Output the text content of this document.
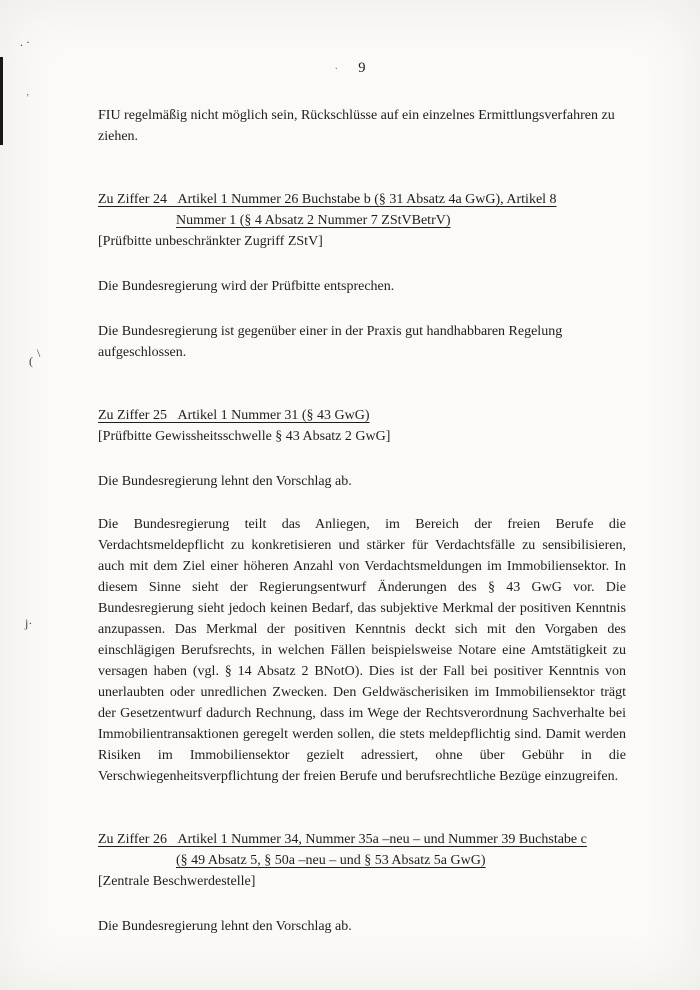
. ·
’
\
(
j·
.	9

FIU regelmäßig nicht möglich sein, Rückschlüsse auf ein einzelnes Ermittlungsverfahren zu ziehen.

Zu Ziffer 24 Artikel 1 Nummer 26 Buchstabe b (§ 31 Absatz 4a GwG), Artikel 8
Nummer 1 (§ 4 Absatz 2 Nummer 7 ZStVBetrV)

[Prüfbitte unbeschränkter Zugriff ZStV]

Die Bundesregierung wird der Prüfbitte entsprechen.

Die Bundesregierung ist gegenüber einer in der Praxis gut handhabbaren Regelung aufgeschlossen.

Zu Ziffer 25 Artikel 1 Nummer 31 (§ 43 GwG)

[Prüfbitte Gewissheitsschwelle § 43 Absatz 2 GwG]

Die Bundesregierung lehnt den Vorschlag ab.

Die Bundesregierung teilt das Anliegen, im Bereich der freien Berufe die Verdachtsmeldepflicht zu konkretisieren und stärker für Verdachtsfälle zu sensibilisieren, auch mit dem Ziel einer höheren Anzahl von Verdachtsmeldungen im Immobiliensektor. In diesem Sinne sieht der Regierungsentwurf Änderungen des § 43 GwG vor. Die Bundesregierung sieht jedoch keinen Bedarf, das subjektive Merkmal der positiven Kenntnis anzupassen. Das Merkmal der positiven Kenntnis deckt sich mit den Vorgaben des einschlägigen Berufsrechts, in welchen Fällen beispielsweise Notare eine Amtstätigkeit zu versagen haben (vgl. § 14 Absatz 2 BNotO). Dies ist der Fall bei positiver Kenntnis von unerlaubten oder unredlichen Zwecken. Den Geldwäscherisiken im Immobiliensektor trägt der Gesetzentwurf dadurch Rechnung, dass im Wege der Rechtsverordnung Sachverhalte bei Immobilientransaktionen geregelt werden sollen, die stets meldepflichtig sind. Damit werden Risiken im Immobiliensektor gezielt adressiert, ohne über Gebühr in die Verschwiegenheitsverpflichtung der freien Berufe und berufsrechtliche Bezüge einzugreifen.

Zu Ziffer 26 Artikel 1 Nummer 34, Nummer 35a –neu – und Nummer 39 Buchstabe c
(§ 49 Absatz 5, § 50a –neu – und § 53 Absatz 5a GwG)

[Zentrale Beschwerdestelle]

Die Bundesregierung lehnt den Vorschlag ab.
